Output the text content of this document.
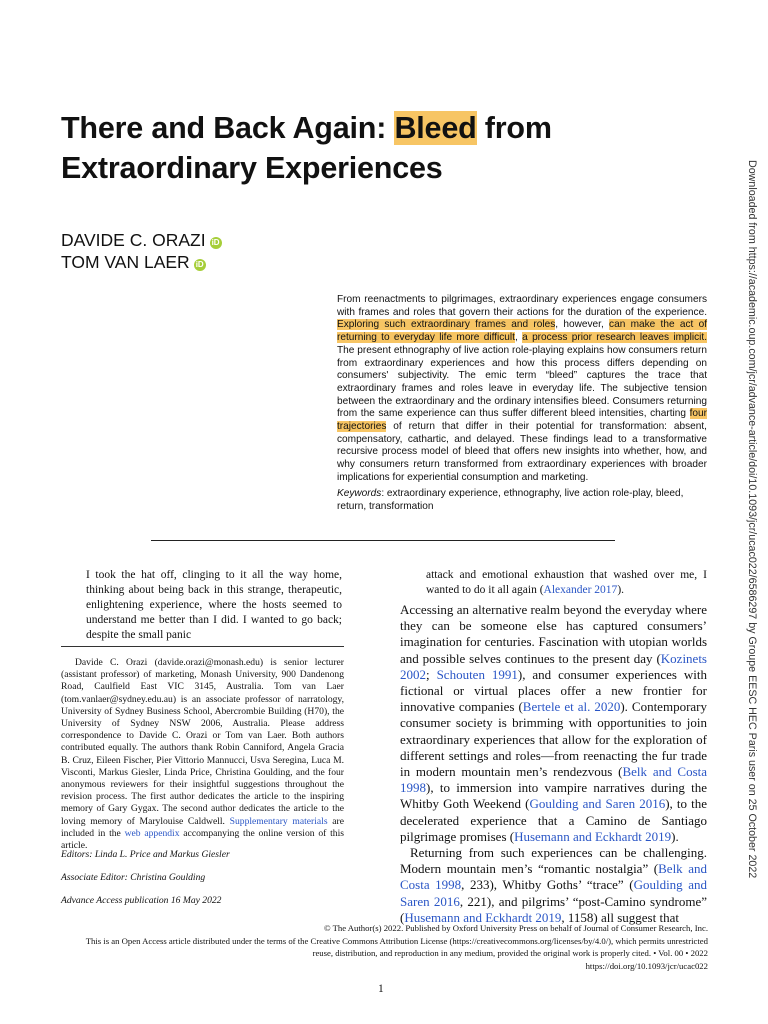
There and Back Again: Bleed from
Extraordinary Experiences
DAVIDE C. ORAZI iD
TOM VAN LAER iD
From reenactments to pilgrimages, extraordinary experiences engage consumers with frames and roles that govern their actions for the duration of the experience. Exploring such extraordinary frames and roles, however, can make the act of returning to everyday life more difficult, a process prior research leaves implicit. The present ethnography of live action role-playing explains how consumers return from extraordinary experiences and how this process differs depending on consumers' subjectivity. The emic term “bleed” captures the trace that extraordinary frames and roles leave in everyday life. The subjective tension between the extraordinary and the ordinary intensifies bleed. Consumers returning from the same experience can thus suffer different bleed intensities, charting four trajectories of return that differ in their potential for transformation: absent, compensatory, cathartic, and delayed. These findings lead to a transformative recursive process model of bleed that offers new insights into whether, how, and why consumers return transformed from extraordinary experiences with broader implications for experiential consumption and marketing.
Keywords: extraordinary experience, ethnography, live action role-play, bleed, return, transformation
I took the hat off, clinging to it all the way home, thinking about being back in this strange, therapeutic, enlightening experience, where the hosts seemed to understand me better than I did. I wanted to go back; despite the small panic
attack and emotional exhaustion that washed over me, I wanted to do it all again (Alexander 2017).
Davide C. Orazi (davide.orazi@monash.edu) is senior lecturer (assistant professor) of marketing, Monash University, 900 Dandenong Road, Caulfield East VIC 3145, Australia. Tom van Laer (tom.vanlaer@sydney.edu.au) is an associate professor of narratology, University of Sydney Business School, Abercrombie Building (H70), the University of Sydney NSW 2006, Australia. Please address correspondence to Davide C. Orazi or Tom van Laer. Both authors contributed equally. The authors thank Robin Canniford, Angela Gracia B. Cruz, Eileen Fischer, Pier Vittorio Mannucci, Usva Seregina, Luca M. Visconti, Markus Giesler, Linda Price, Christina Goulding, and the four anonymous reviewers for their insightful suggestions throughout the revision process. The first author dedicates the article to the inspiring memory of Gary Gygax. The second author dedicates the article to the loving memory of Marylouise Caldwell. Supplementary materials are included in the web appendix accompanying the online version of this article.
Editors: Linda L. Price and Markus Giesler
Associate Editor: Christina Goulding
Advance Access publication 16 May 2022

Accessing an alternative realm beyond the everyday where they can be someone else has captured consumers’ imagination for centuries. Fascination with utopian worlds and possible selves continues to the present day (Kozinets 2002; Schouten 1991), and consumer experiences with fictional or virtual places offer a new frontier for innovative companies (Bertele et al. 2020). Contemporary consumer society is brimming with opportunities to join extraordinary experiences that allow for the exploration of different settings and roles—from reenacting the fur trade in modern mountain men’s rendezvous (Belk and Costa 1998), to immersion into vampire narratives during the Whitby Goth Weekend (Goulding and Saren 2016), to the decelerated experience that a Camino de Santiago pilgrimage promises (Husemann and Eckhardt 2019).

Returning from such experiences can be challenging. Modern mountain men’s “romantic nostalgia” (Belk and Costa 1998, 233), Whitby Goths’ “trace” (Goulding and Saren 2016, 221), and pilgrims’ “post-Camino syndrome” (Husemann and Eckhardt 2019, 1158) all suggest that

© The Author(s) 2022. Published by Oxford University Press on behalf of Journal of Consumer Research, Inc.
This is an Open Access article distributed under the terms of the Creative Commons Attribution License (https://creativecommons.org/licenses/by/4.0/), which permits unrestricted
reuse, distribution, and reproduction in any medium, provided the original work is properly cited. • Vol. 00 • 2022
https://doi.org/10.1093/jcr/ucac022
1
Downloaded from https://academic.oup.com/jcr/advance-article/doi/10.1093/jcr/ucac022/6586297 by Groupe EESC HEC Paris user on 25 October 2022
